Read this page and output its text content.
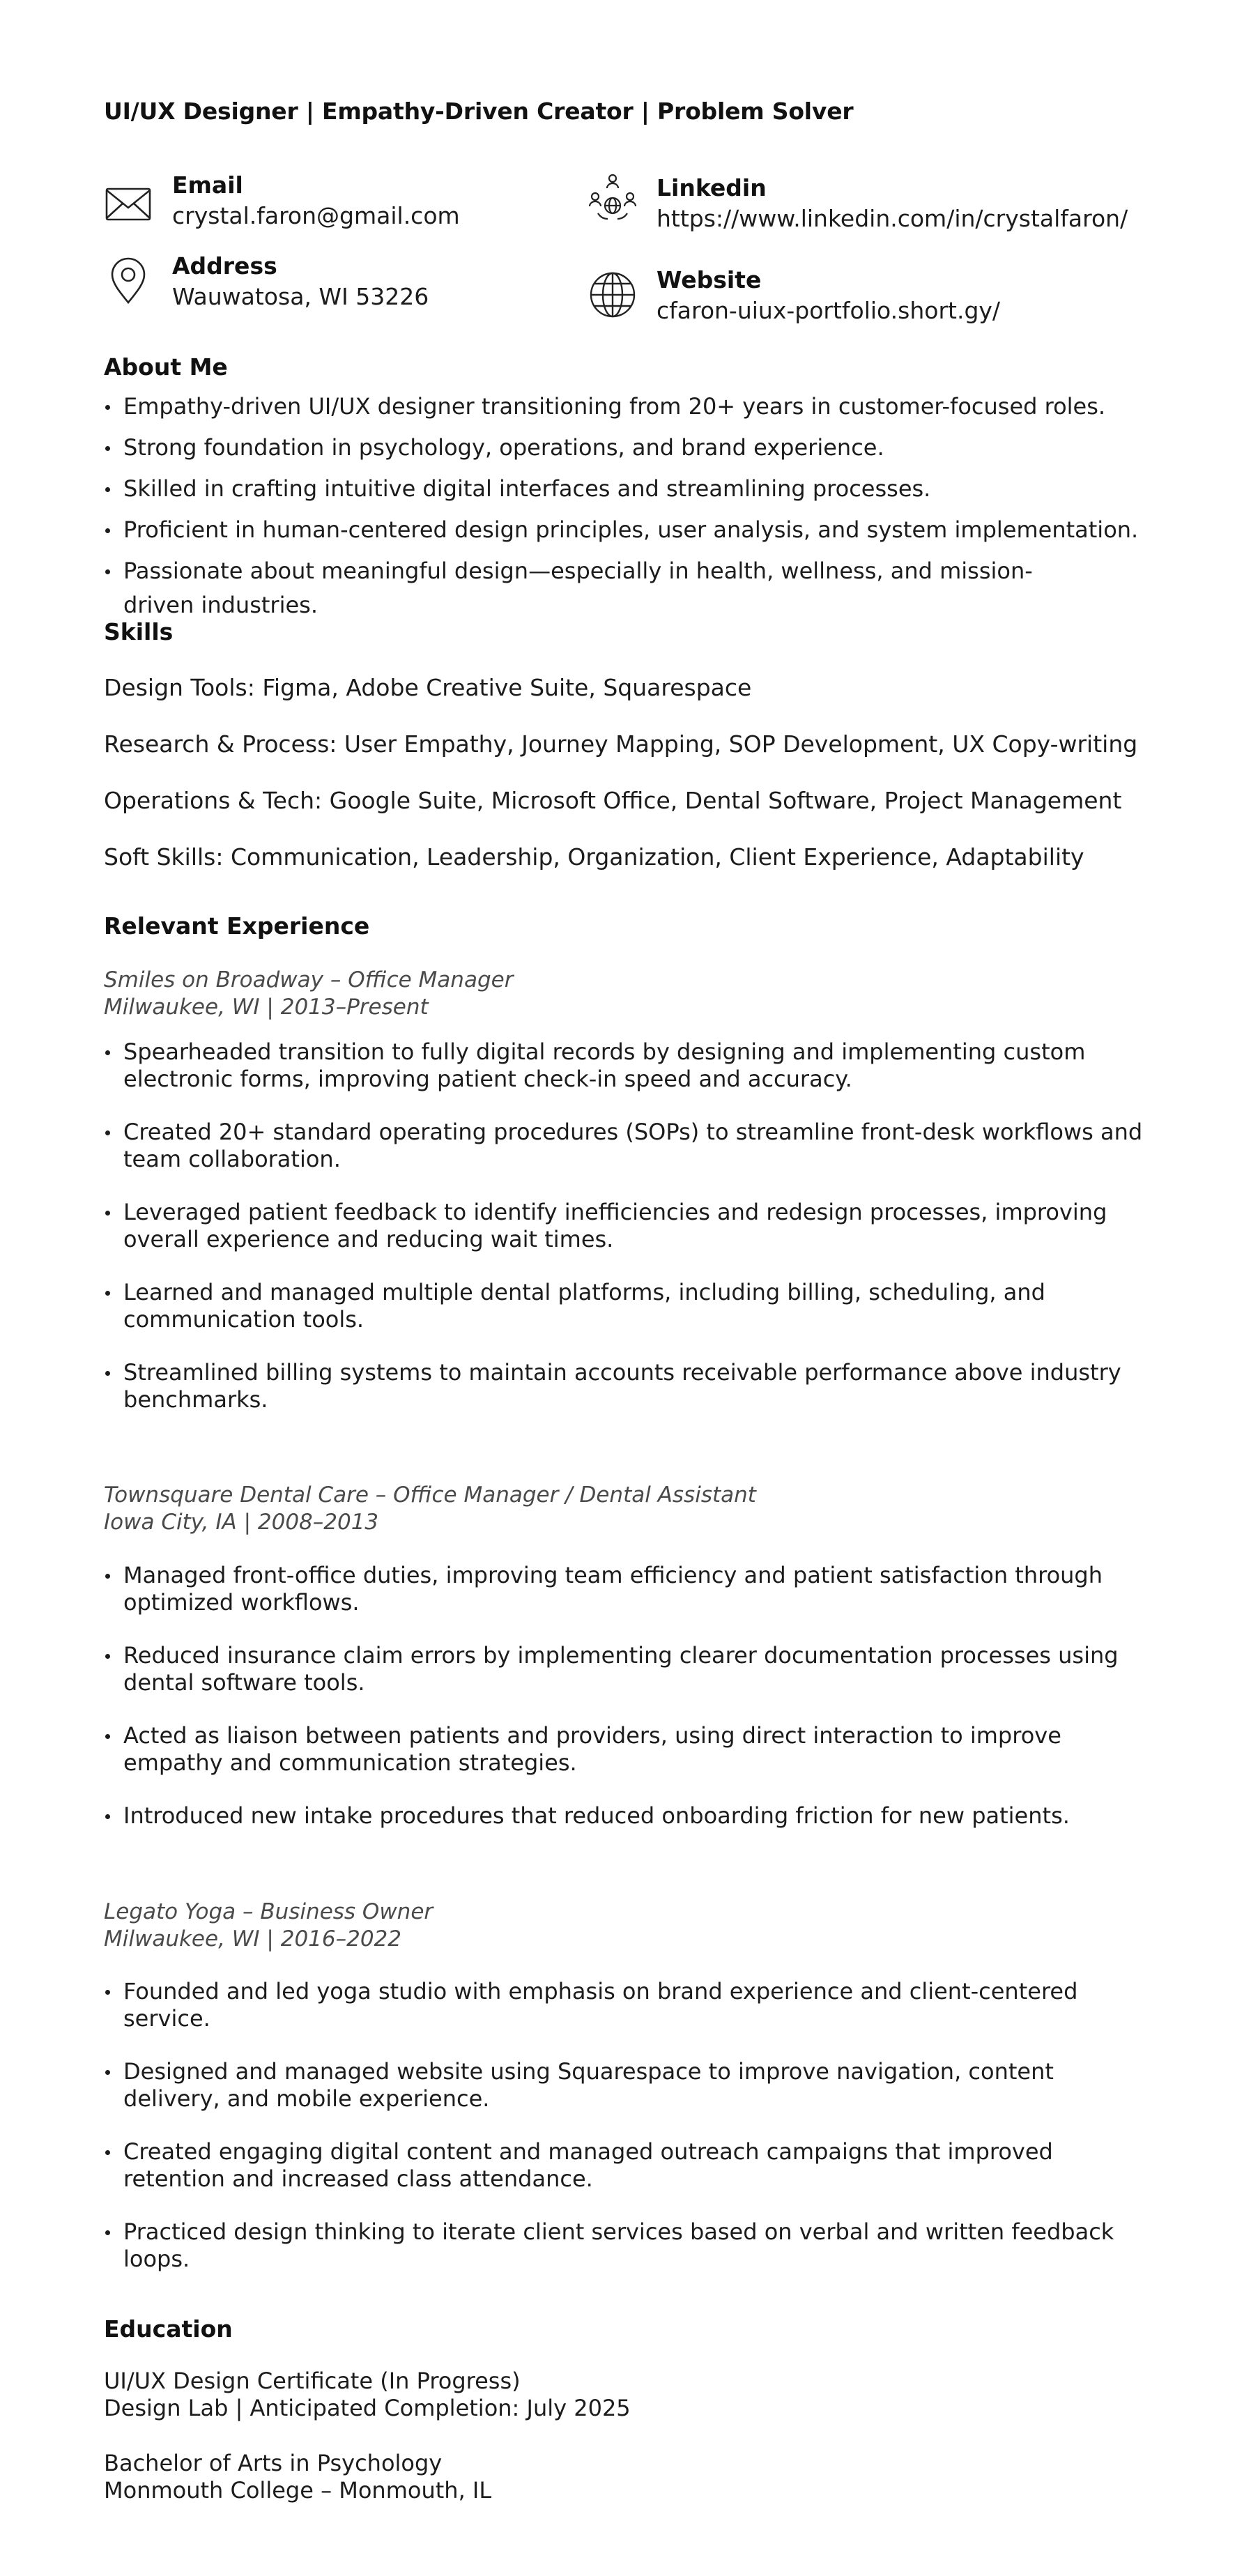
UI/UX Designer | Empathy-Driven Creator | Problem Solver
Email
crystal.faron@gmail.com
Address
Wauwatosa, WI 53226
Linkedin
https://www.linkedin.com/in/crystalfaron/
Website
cfaron-uiux-portfolio.short.gy/
About Me
Empathy-driven UI/UX designer transitioning from 20+ years in customer-focused roles.
Strong foundation in psychology, operations, and brand experience.
Skilled in crafting intuitive digital interfaces and streamlining processes.
Proficient in human-centered design principles, user analysis, and system implementation.
Passionate about meaningful design—especially in health, wellness, and mission-driven industries.
Skills
Design Tools: Figma, Adobe Creative Suite, Squarespace
Research & Process: User Empathy, Journey Mapping, SOP Development, UX Copy-writing
Operations & Tech: Google Suite, Microsoft Office, Dental Software, Project Management
Soft Skills: Communication, Leadership, Organization, Client Experience, Adaptability
Relevant Experience
Smiles on Broadway – Office Manager
Milwaukee, WI | 2013–Present
Spearheaded transition to fully digital records by designing and implementing custom electronic forms, improving patient check-in speed and accuracy.
Created 20+ standard operating procedures (SOPs) to streamline front-desk workflows and team collaboration.
Leveraged patient feedback to identify inefficiencies and redesign processes, improving overall experience and reducing wait times.
Learned and managed multiple dental platforms, including billing, scheduling, and communication tools.
Streamlined billing systems to maintain accounts receivable performance above industry benchmarks.
Townsquare Dental Care – Office Manager / Dental Assistant
Iowa City, IA | 2008–2013
Managed front-office duties, improving team efficiency and patient satisfaction through optimized workflows.
Reduced insurance claim errors by implementing clearer documentation processes using dental software tools.
Acted as liaison between patients and providers, using direct interaction to improve empathy and communication strategies.
Introduced new intake procedures that reduced onboarding friction for new patients.
Legato Yoga – Business Owner
Milwaukee, WI | 2016–2022
Founded and led yoga studio with emphasis on brand experience and client-centered service.
Designed and managed website using Squarespace to improve navigation, content delivery, and mobile experience.
Created engaging digital content and managed outreach campaigns that improved retention and increased class attendance.
Practiced design thinking to iterate client services based on verbal and written feedback loops.
Education
UI/UX Design Certificate (In Progress)
Design Lab | Anticipated Completion: July 2025
Bachelor of Arts in Psychology
Monmouth College – Monmouth, IL
